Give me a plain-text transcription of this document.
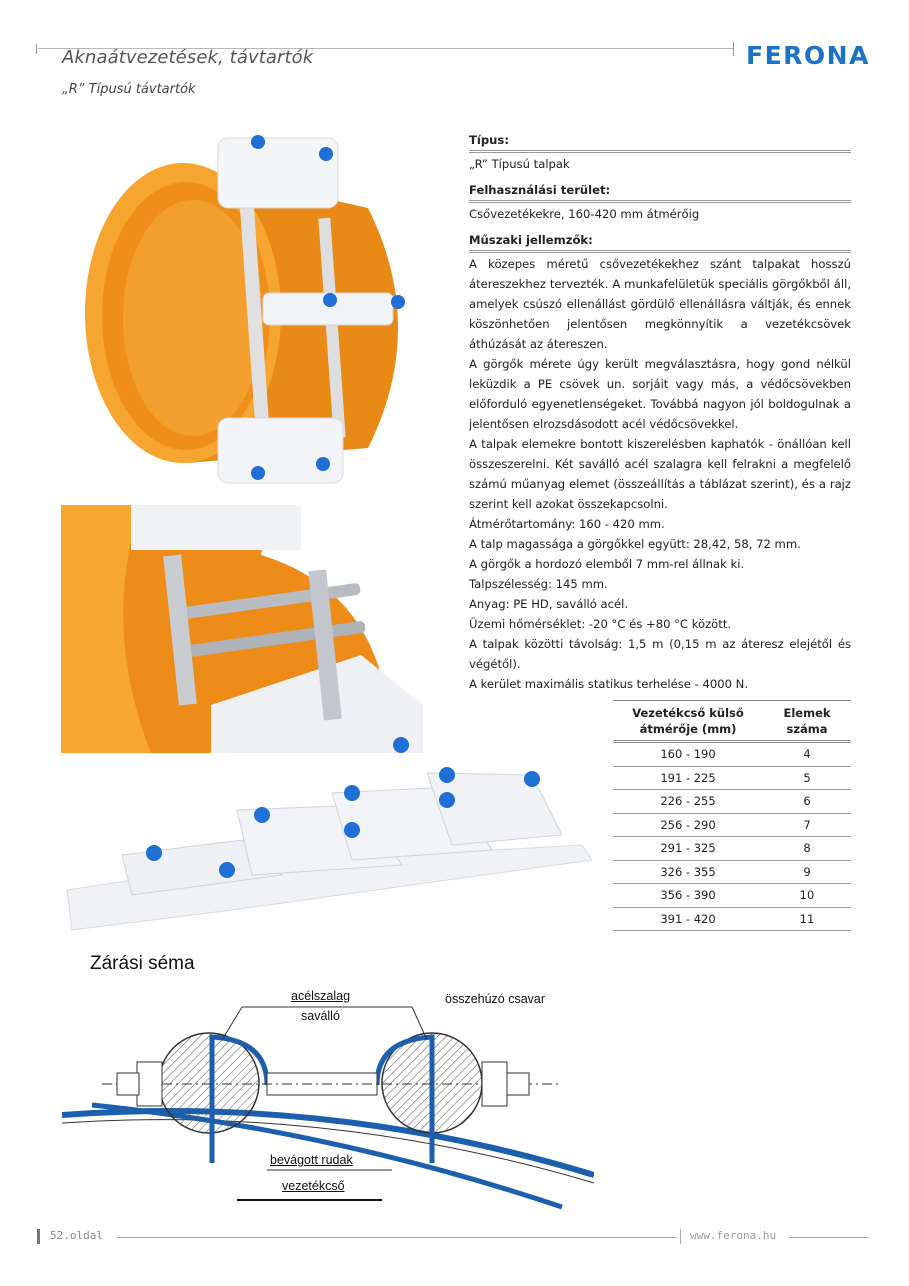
Aknaátvezetések, távtartók
„R” Típusú távtartók
FERONA
Zárási séma
acélszalag
saválló
összehúzó csavar
bevágott rudak
vezetékcső
Típus:
„R” Típusú talpak
Felhasználási terület:
Csővezetékekre, 160-420 mm átmérőig
Műszaki jellemzők:

A közepes méretű csővezetékekhez szánt talpakat hosszú átereszekhez tervezték. A munkafelületük speciális görgőkből áll, amelyek csúszó ellenállást gördülő ellenállásra váltják, és ennek köszönhetően jelentősen megkönnyítik a vezetékcsövek áthúzását az átereszen.

A görgők mérete úgy került megválasztásra, hogy gond nélkül leküzdik a PE csövek un. sorjáit vagy más, a védőcsövekben előforduló egyenetlenségeket. Továbbá nagyon jól boldogulnak a jelentősen elrozsdásodott acél védőcsövekkel.

A talpak elemekre bontott kiszerelésben kaphatók - önállóan kell összeszerelni. Két saválló acél szalagra kell felrakni a megfelelő számú műanyag elemet (összeállítás a táblázat szerint), és a rajz szerint kell azokat összekapcsolni.

Átmérőtartomány: 160 - 420 mm.

A talp magassága a görgőkkel együtt: 28,42, 58, 72 mm.

A görgők a hordozó elemből 7 mm-rel állnak ki.

Talpszélesség: 145 mm.

Anyag: PE HD, saválló acél.

Üzemi hőmérséklet: -20 °C és +80 °C között.

A talpak közötti távolság: 1,5 m (0,15 m az áteresz elejétől és végétől).

A kerület maximális statikus terhelése - 4000 N.

Vezetékcső külső átmérője (mm)	Elemek száma
160 - 190	4
191 - 225	5
226 - 255	6
256 - 290	7
291 - 325	8
326 - 355	9
356 - 390	10
391 - 420	11
52.oldal	www.ferona.hu
